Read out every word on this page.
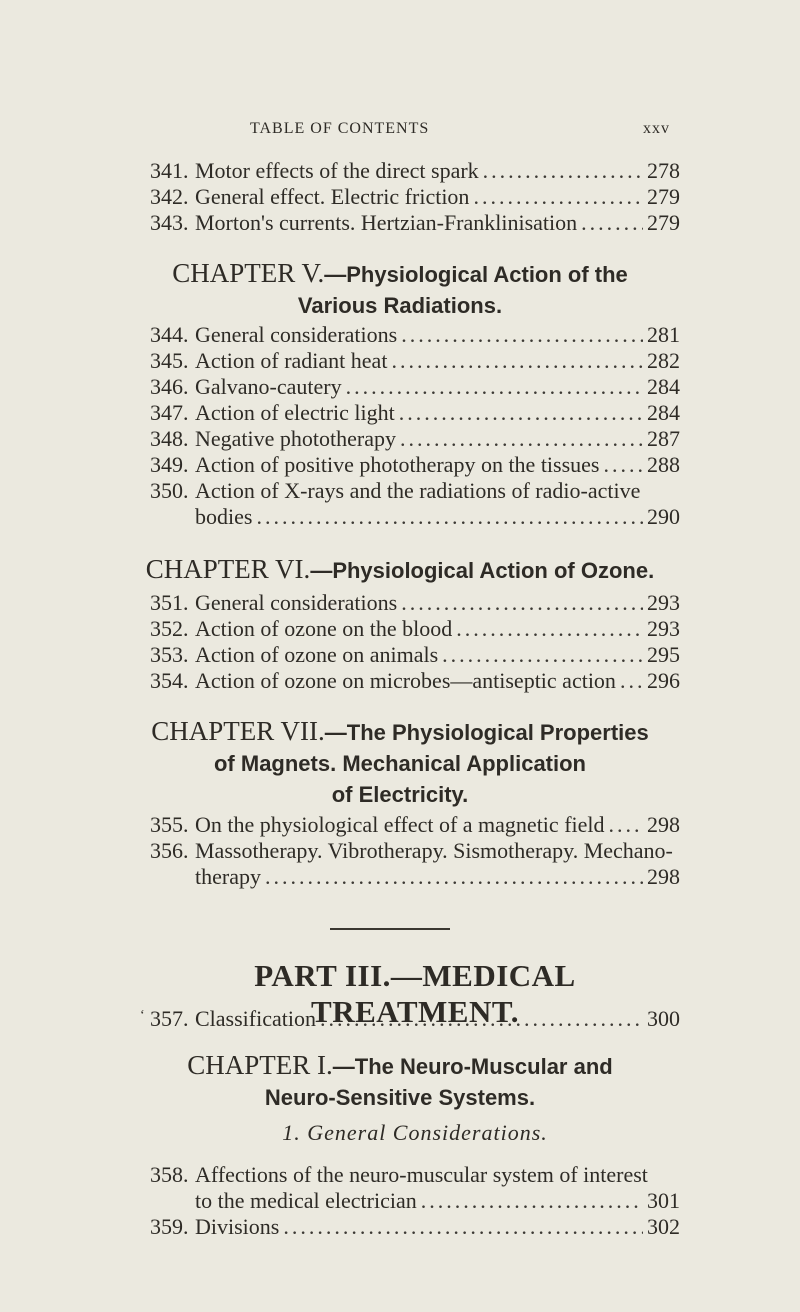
TABLE OF CONTENTS	xxv
341. Motor effects of the direct spark .....	278
342. General effect. Electric friction .....	279
343. Morton's currents. Hertzian-Franklinisation .....	279
CHAPTER V.—Physiological Action of the
Various Radiations.
344. General considerations .....	281
345. Action of radiant heat .....	282
346. Galvano-cautery .....	284
347. Action of electric light .....	284
348. Negative phototherapy .....	287
349. Action of positive phototherapy on the tissues ..... 288
350. Action of X-rays and the radiations of radio-active
bodies .....	290
CHAPTER VI.—Physiological Action of Ozone.
351. General considerations .....	293
352. Action of ozone on the blood .....	293
353. Action of ozone on animals .....	295
354. Action of ozone on microbes—antiseptic action ..... 296
CHAPTER VII.—The Physiological Properties
of Magnets. Mechanical Application
of Electricity.
355. On the physiological effect of a magnetic field ..... 298
356. Massotherapy. Vibrotherapy. Sismotherapy. Mechano-
therapy .....	298
PART III.—MEDICAL TREATMENT.
ʻ 357. Classification .....	300
CHAPTER I.—The Neuro-Muscular and
Neuro-Sensitive Systems.
1. General Considerations.
358. Affections of the neuro-muscular system of interest
to the medical electrician .....	301
359. Divisions .....	302
